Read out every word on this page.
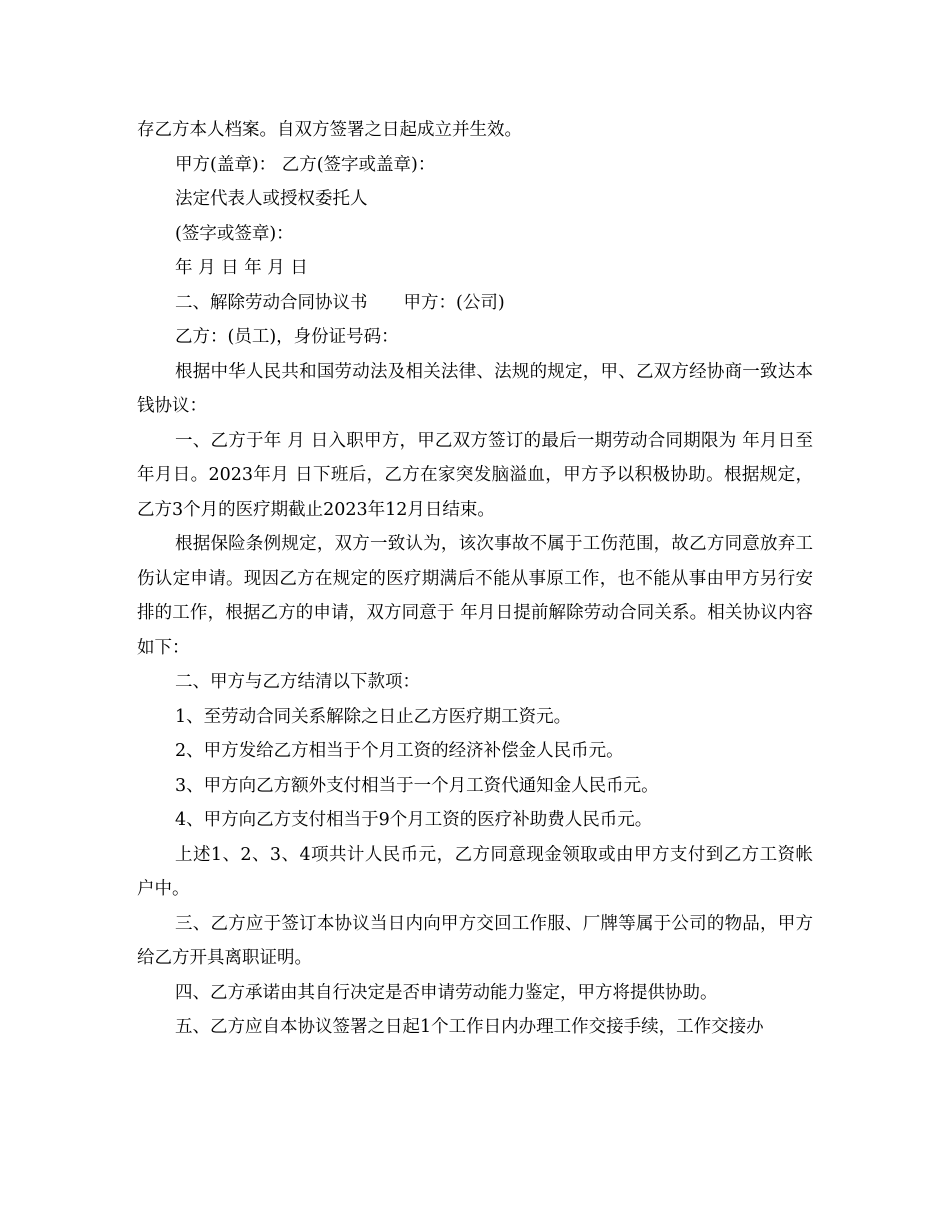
存乙方本人档案。自双方签署之日起成立并生效。

甲方(盖章)： 乙方(签字或盖章)：

法定代表人或授权委托人

(签字或签章)：

年 月 日 年 月 日

二、解除劳动合同协议书 甲方：(公司)

乙方：(员工)，身份证号码：

根据中华人民共和国劳动法及相关法律、法规的规定，甲、乙双方经协商一致达本钱协议：

一、乙方于年 月 日入职甲方，甲乙双方签订的最后一期劳动合同期限为 年月日至 年月日。2023年月 日下班后，乙方在家突发脑溢血，甲方予以积极协助。根据规定，乙方3个月的医疗期截止2023年12月日结束。

根据保险条例规定，双方一致认为，该次事故不属于工伤范围，故乙方同意放弃工伤认定申请。现因乙方在规定的医疗期满后不能从事原工作，也不能从事由甲方另行安排的工作，根据乙方的申请，双方同意于 年月日提前解除劳动合同关系。相关协议内容如下：

二、甲方与乙方结清以下款项：

1、至劳动合同关系解除之日止乙方医疗期工资元。

2、甲方发给乙方相当于个月工资的经济补偿金人民币元。

3、甲方向乙方额外支付相当于一个月工资代通知金人民币元。

4、甲方向乙方支付相当于9个月工资的医疗补助费人民币元。

上述1、2、3、4项共计人民币元，乙方同意现金领取或由甲方支付到乙方工资帐户中。

三、乙方应于签订本协议当日内向甲方交回工作服、厂牌等属于公司的物品，甲方给乙方开具离职证明。

四、乙方承诺由其自行决定是否申请劳动能力鉴定，甲方将提供协助。

五、乙方应自本协议签署之日起1个工作日内办理工作交接手续，工作交接办
